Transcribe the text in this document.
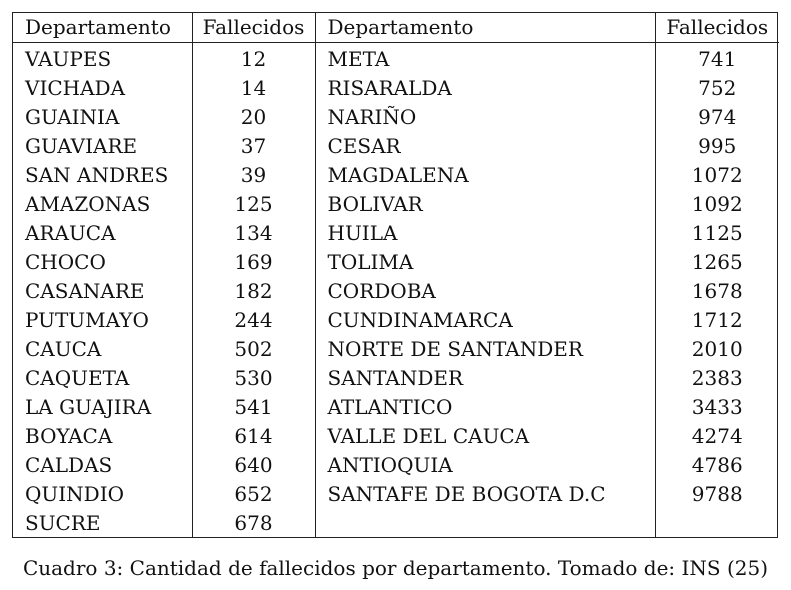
Departamento	Fallecidos	Departamento	Fallecidos
VAUPES	12	META	741
VICHADA	14	RISARALDA	752
GUAINIA	20	NARIÑO	974
GUAVIARE	37	CESAR	995
SAN ANDRES	39	MAGDALENA	1072
AMAZONAS	125	BOLIVAR	1092
ARAUCA	134	HUILA	1125
CHOCO	169	TOLIMA	1265
CASANARE	182	CORDOBA	1678
PUTUMAYO	244	CUNDINAMARCA	1712
CAUCA	502	NORTE DE SANTANDER	2010
CAQUETA	530	SANTANDER	2383
LA GUAJIRA	541	ATLANTICO	3433
BOYACA	614	VALLE DEL CAUCA	4274
CALDAS	640	ANTIOQUIA	4786
QUINDIO	652	SANTAFE DE BOGOTA D.C	9788
SUCRE	678		
Cuadro 3: Cantidad de fallecidos por departamento. Tomado de: INS (25)
